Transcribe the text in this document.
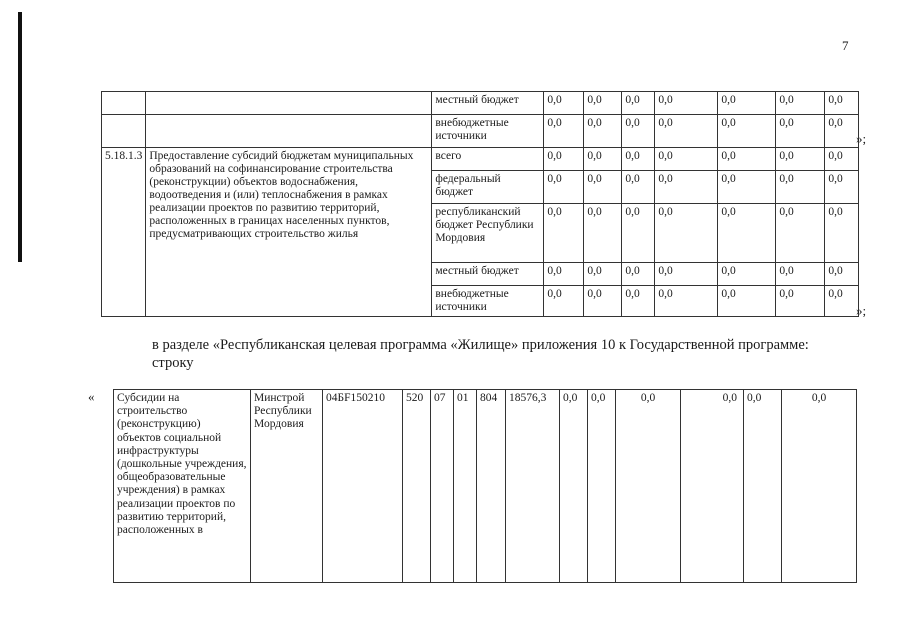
7
		местный бюджет	0,0	0,0	0,0	0,0	0,0	0,0	0,0
		внебюджетные источники	0,0	0,0	0,0	0,0	0,0	0,0	0,0
5.18.1.3	Предоставление субсидий бюджетам муниципальных образований на софинансирование строительства (реконструкции) объектов водоснабжения, водоотведения и (или) теплоснабжения в рамках реализации проектов по развитию территорий, расположенных в границах населенных пунктов, предусматривающих строительство жилья	всего	0,0	0,0	0,0	0,0	0,0	0,0	0,0
		федеральный бюджет	0,0	0,0	0,0	0,0	0,0	0,0	0,0
		республиканский бюджет Республики Мордовия	0,0	0,0	0,0	0,0	0,0	0,0	0,0
		местный бюджет	0,0	0,0	0,0	0,0	0,0	0,0	0,0
		внебюджетные источники	0,0	0,0	0,0	0,0	0,0	0,0	0,0
»;
»;
в разделе «Республиканская целевая программа «Жилище» приложения 10 к Государственной программе: строку
« Субсидии на строительство (реконструкцию) объектов социальной инфраструктуры (дошкольные учреждения, общеобразовательные учреждения) в рамках реализации проектов по развитию территорий, расположенных в	Минстрой Республики Мордовия	04БF150210	520	07	01	804	18576,3	0,0	0,0	0,0	0,0	0,0	0,0
